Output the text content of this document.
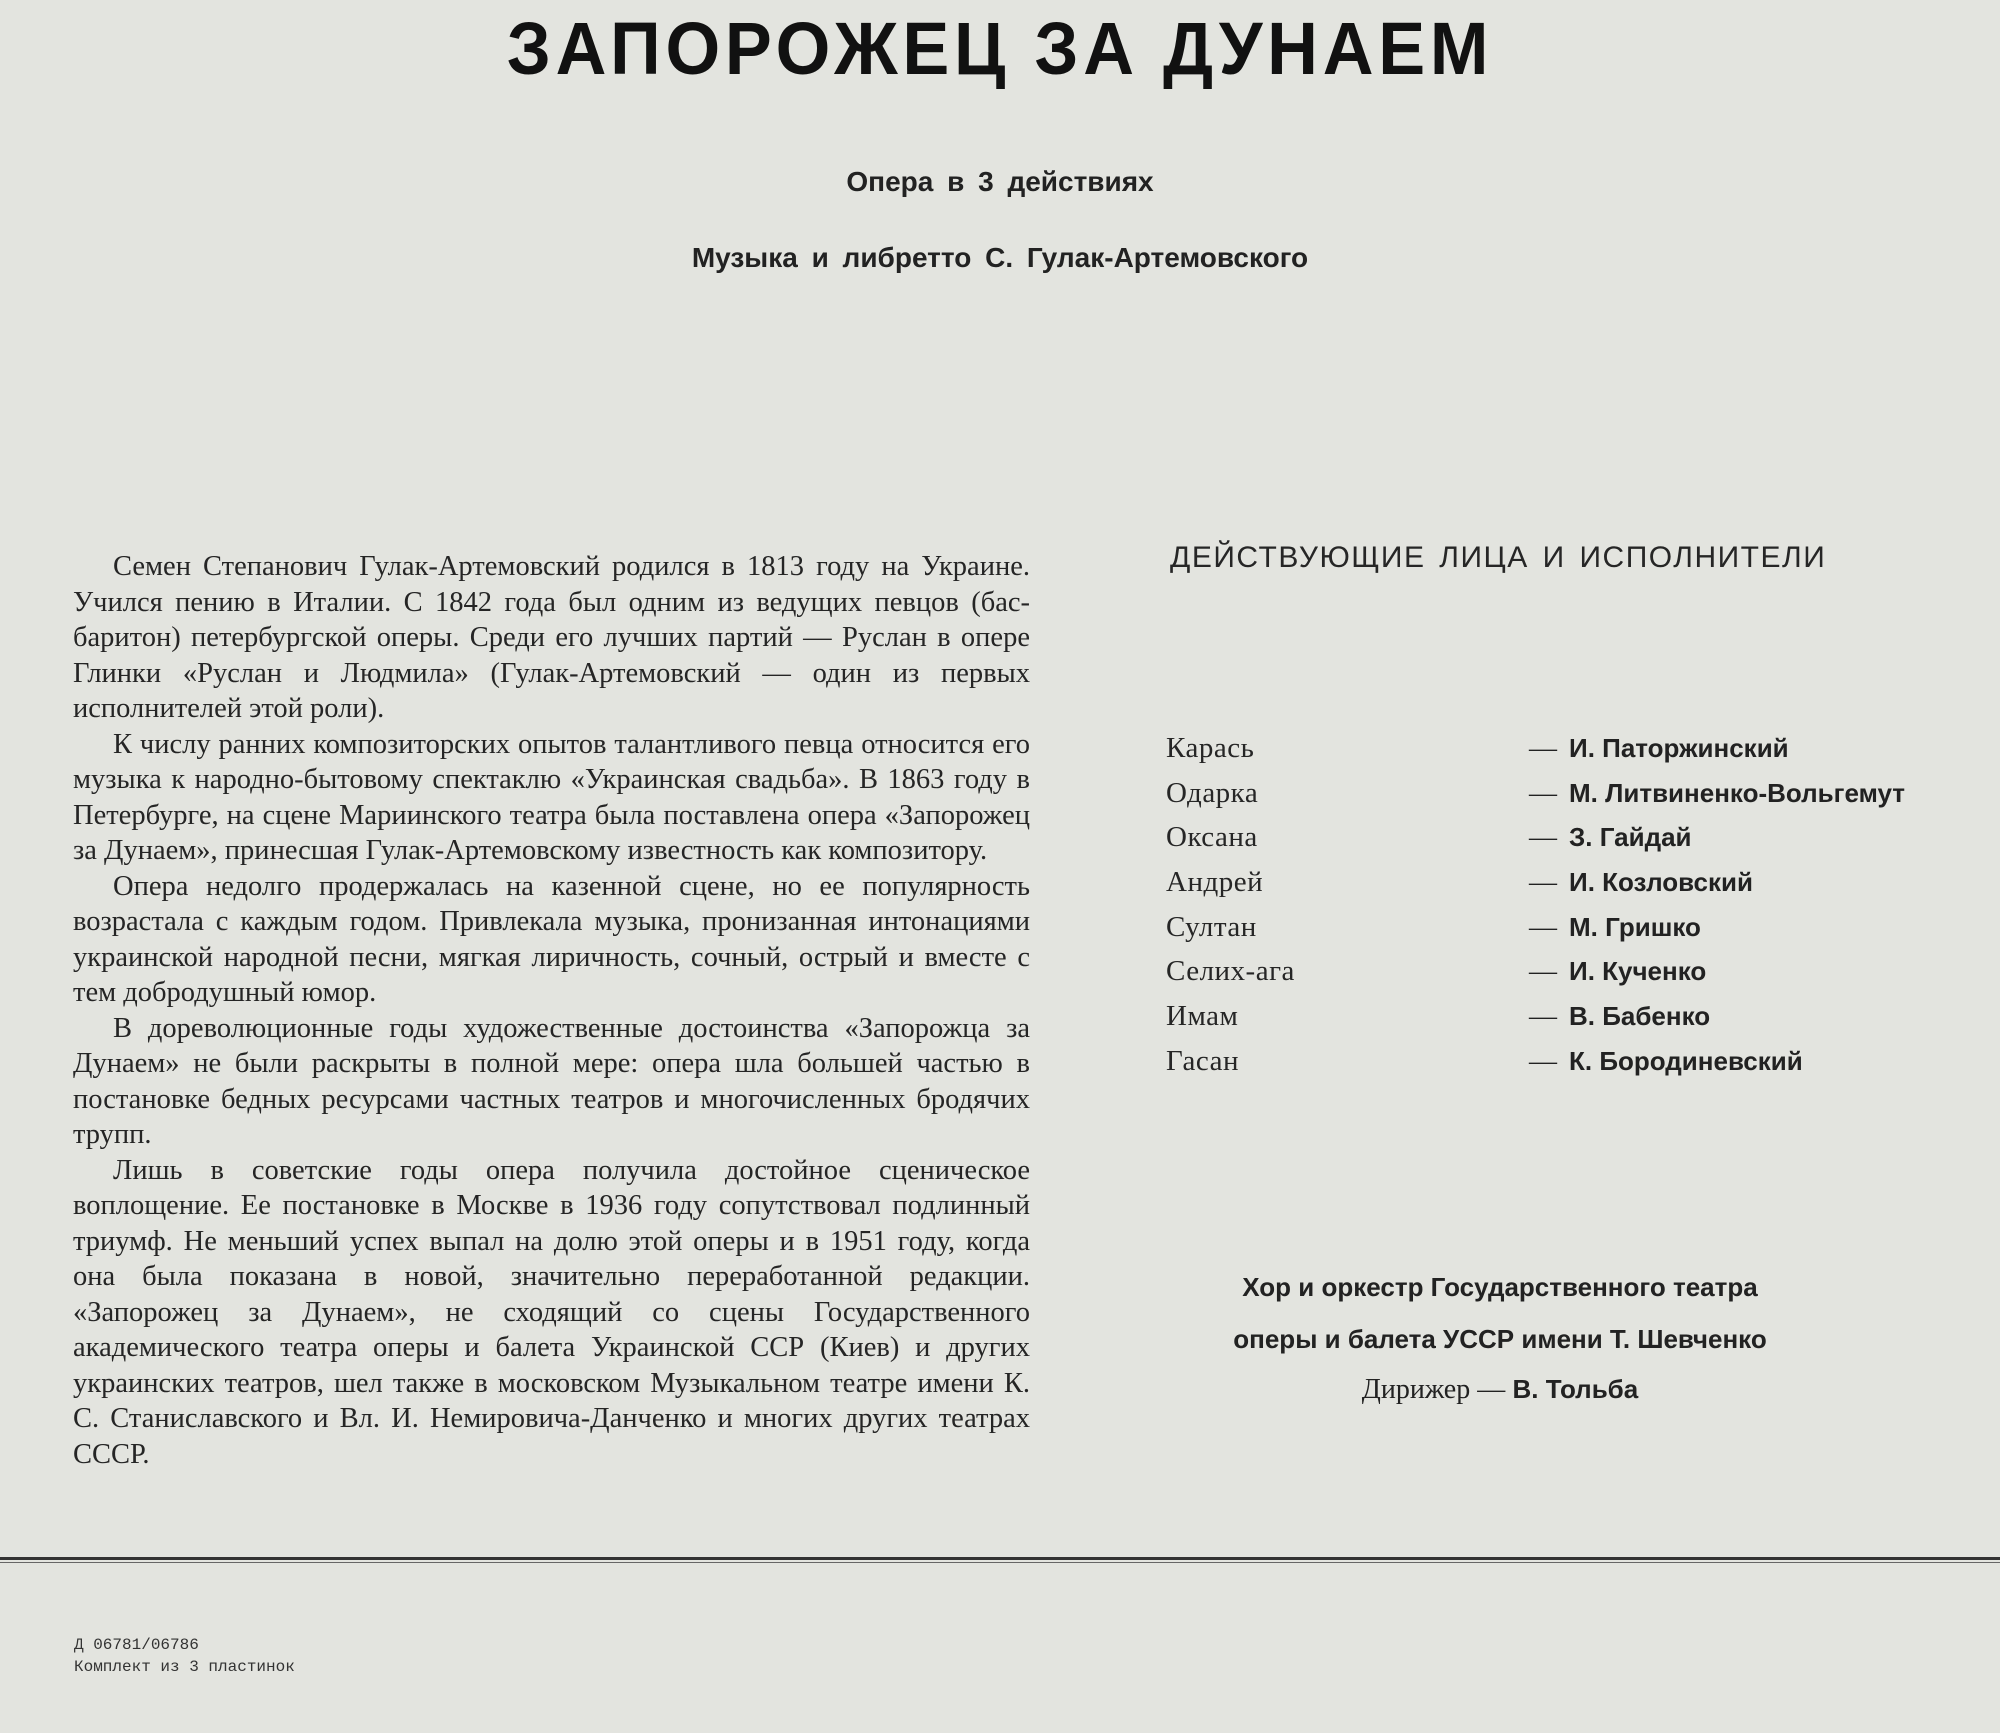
ЗАПОРОЖЕЦ ЗА ДУНАЕМ
Опера в 3 действиях
Музыка и либретто С. Гулак-Артемовского

Семен Степанович Гулак-Артемовский родился в 1813 году на Украине. Учился пению в Италии. С 1842 года был одним из ведущих певцов (бас-баритон) петербургской оперы. Среди его лучших партий — Руслан в опере Глинки «Руслан и Людмила» (Гулак-Артемовский — один из первых исполнителей этой роли).

К числу ранних композиторских опытов талантливого певца относится его музыка к народно-бытовому спектаклю «Украинская свадьба». В 1863 году в Петербурге, на сцене Мариинского театра была поставлена опера «Запорожец за Дунаем», принесшая Гулак-Артемовскому известность как композитору.

Опера недолго продержалась на казенной сцене, но ее популярность возрастала с каждым годом. Привлекала музыка, пронизанная интонациями украинской народной песни, мягкая лиричность, сочный, острый и вместе с тем добродушный юмор.

В дореволюционные годы художественные достоинства «Запорожца за Дунаем» не были раскрыты в полной мере: опера шла большей частью в постановке бедных ресурсами частных театров и многочисленных бродячих трупп.

Лишь в советские годы опера получила достойное сценическое воплощение. Ее постановке в Москве в 1936 году сопутствовал подлинный триумф. Не меньший успех выпал на долю этой оперы и в 1951 году, когда она была показана в новой, значительно переработанной редакции. «Запорожец за Дунаем», не сходящий со сцены Государственного академического театра оперы и балета Украинской ССР (Киев) и других украинских театров, шел также в московском Музыкальном театре имени К. С. Станиславского и Вл. И. Немировича-Данченко и многих других театрах СССР.

ДЕЙСТВУЮЩИЕ ЛИЦА И ИСПОЛНИТЕЛИ
Карась	— И. Паторжинский
Одарка	— М. Литвиненко-Вольгемут
Оксана	— З. Гайдай
Андрей	— И. Козловский
Султан	— М. Гришко
Селих-ага	— И. Кученко
Имам	— В. Бабенко
Гасан	— К. Бородиневский
Хор и оркестр Государственного театра
оперы и балета УССР имени Т. Шевченко
Дирижер — В. Тольба
Д 06781/06786
Комплект из 3 пластинок
